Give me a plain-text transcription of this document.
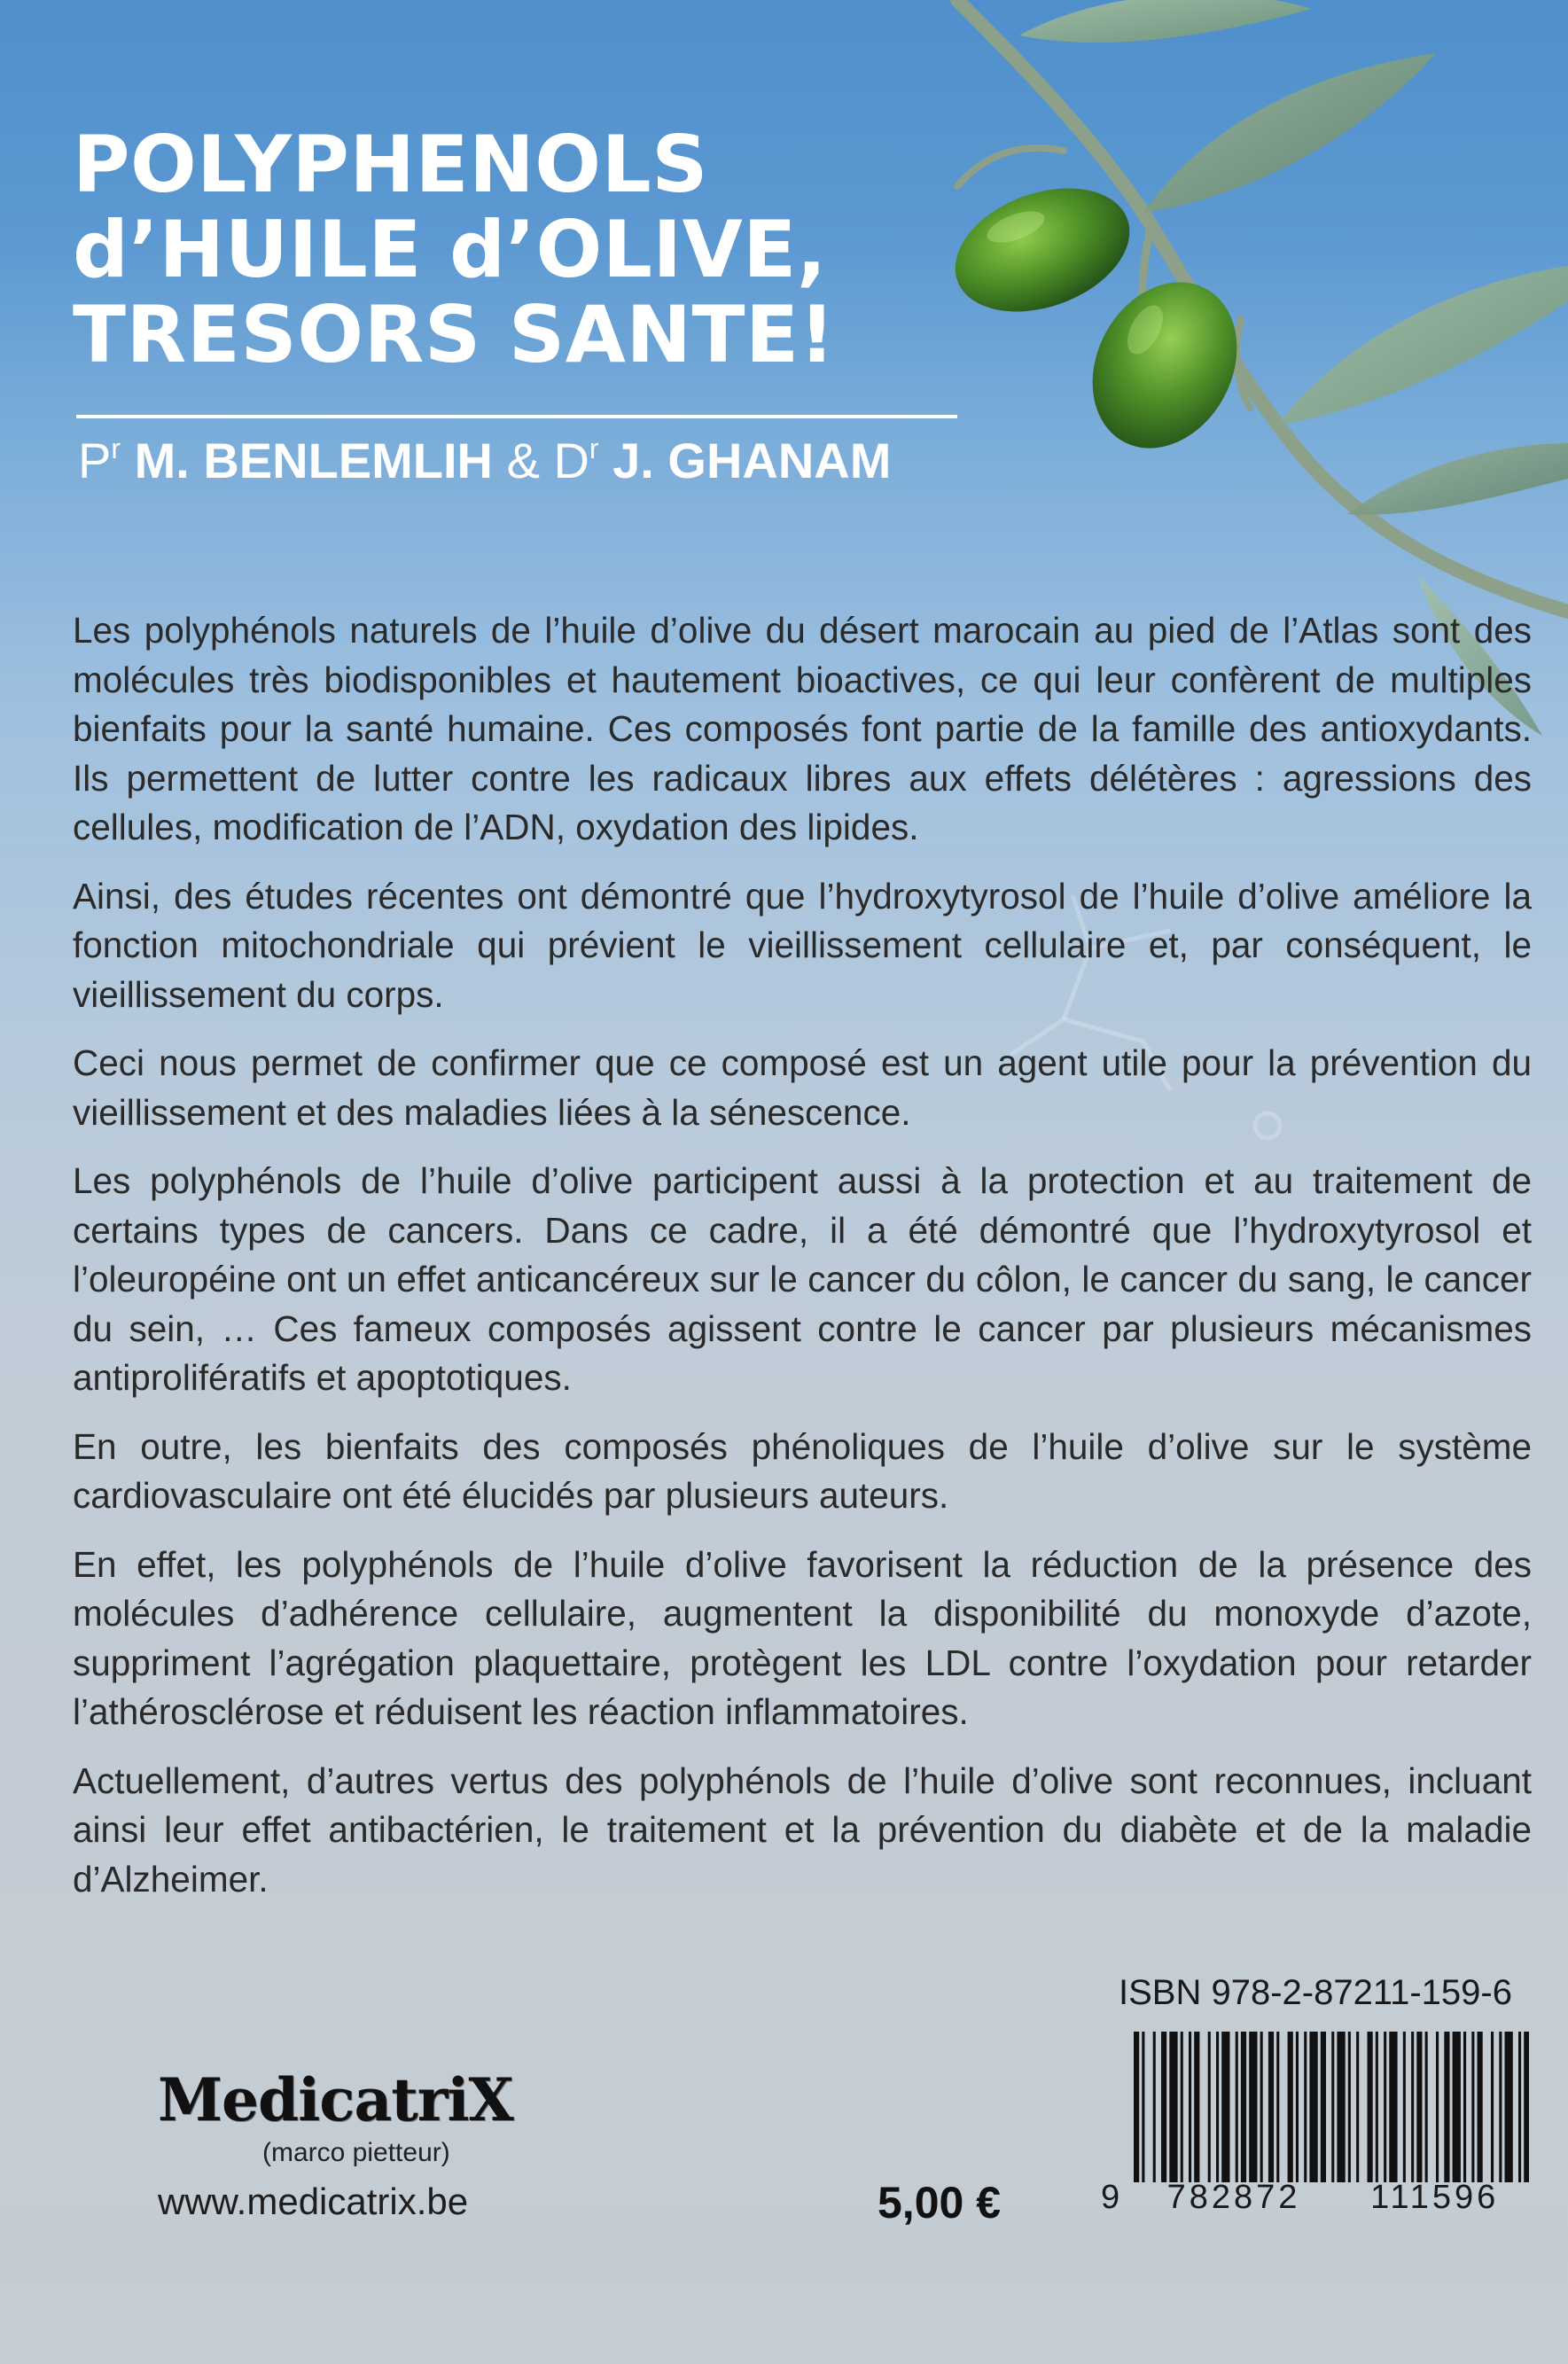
POLYPHENOLS
d’HUILE d’OLIVE,
TRESORS SANTE!
$P^r$ M. BENLEMLIH & $D^r$ J. GHANAM

Les polyphénols naturels de l’huile d’olive du désert marocain au pied de l’Atlas sont des molécules très biodisponibles et hautement bioactives, ce qui leur confèrent de multiples bienfaits pour la santé humaine. Ces composés font partie de la famille des antioxydants. Ils permettent de lutter contre les radicaux libres aux effets délétères : agressions des cellules, modification de l’ADN, oxydation des lipides.

Ainsi, des études récentes ont démontré que l’hydroxytyrosol de l’huile d’olive améliore la fonction mitochondriale qui prévient le vieillissement cellulaire et, par conséquent, le vieillissement du corps.

Ceci nous permet de confirmer que ce composé est un agent utile pour la prévention du vieillissement et des maladies liées à la sénescence.

Les polyphénols de l’huile d’olive participent aussi à la protection et au traitement de certains types de cancers. Dans ce cadre, il a été démontré que l’hydroxytyrosol et l’oleuropéine ont un effet anticancéreux sur le cancer du côlon, le cancer du sang, le cancer du sein, … Ces fameux composés agissent contre le cancer par plusieurs mécanismes antiprolifératifs et apoptotiques.

En outre, les bienfaits des composés phénoliques de l’huile d’olive sur le système cardiovasculaire ont été élucidés par plusieurs auteurs.

En effet, les polyphénols de l’huile d’olive favorisent la réduction de la présence des molécules d’adhérence cellulaire, augmentent la disponibilité du monoxyde d’azote, suppriment l’agrégation plaquettaire, protègent les LDL contre l’oxydation pour retarder l’athérosclérose et réduisent les réaction inflammatoires.

Actuellement, d’autres vertus des polyphénols de l’huile d’olive sont reconnues, incluant ainsi leur effet antibactérien, le traitement et la prévention du diabète et de la maladie d’Alzheimer.

ISBN 978-2-87211-159-6
9 782872 111596
MedicatriX
(marco pietteur)
www.medicatrix.be	5,00 €
